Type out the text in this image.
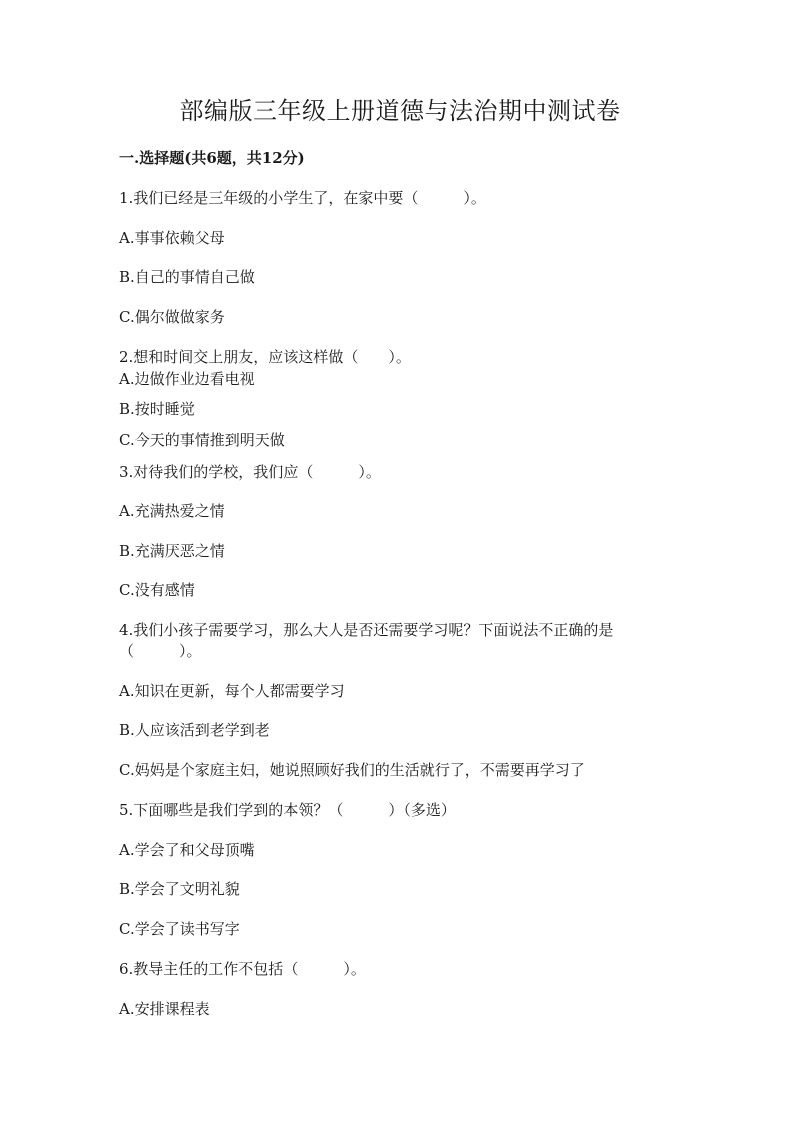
部编版三年级上册道德与法治期中测试卷
一.选择题(共6题，共12分)
1.我们已经是三年级的小学生了，在家中要（　　　）。
A.事事依赖父母
B.自己的事情自己做
C.偶尔做做家务
2.想和时间交上朋友，应该这样做（　　）。
A.边做作业边看电视
B.按时睡觉
C.今天的事情推到明天做
3.对待我们的学校，我们应（　　　）。
A.充满热爱之情
B.充满厌恶之情
C.没有感情
4.我们小孩子需要学习，那么大人是否还需要学习呢？下面说法不正确的是
（　　　）。
A.知识在更新，每个人都需要学习
B.人应该活到老学到老
C.妈妈是个家庭主妇，她说照顾好我们的生活就行了，不需要再学习了
5.下面哪些是我们学到的本领？（　　　）（多选）
A.学会了和父母顶嘴
B.学会了文明礼貌
C.学会了读书写字
6.教导主任的工作不包括（　　　）。
A.安排课程表
